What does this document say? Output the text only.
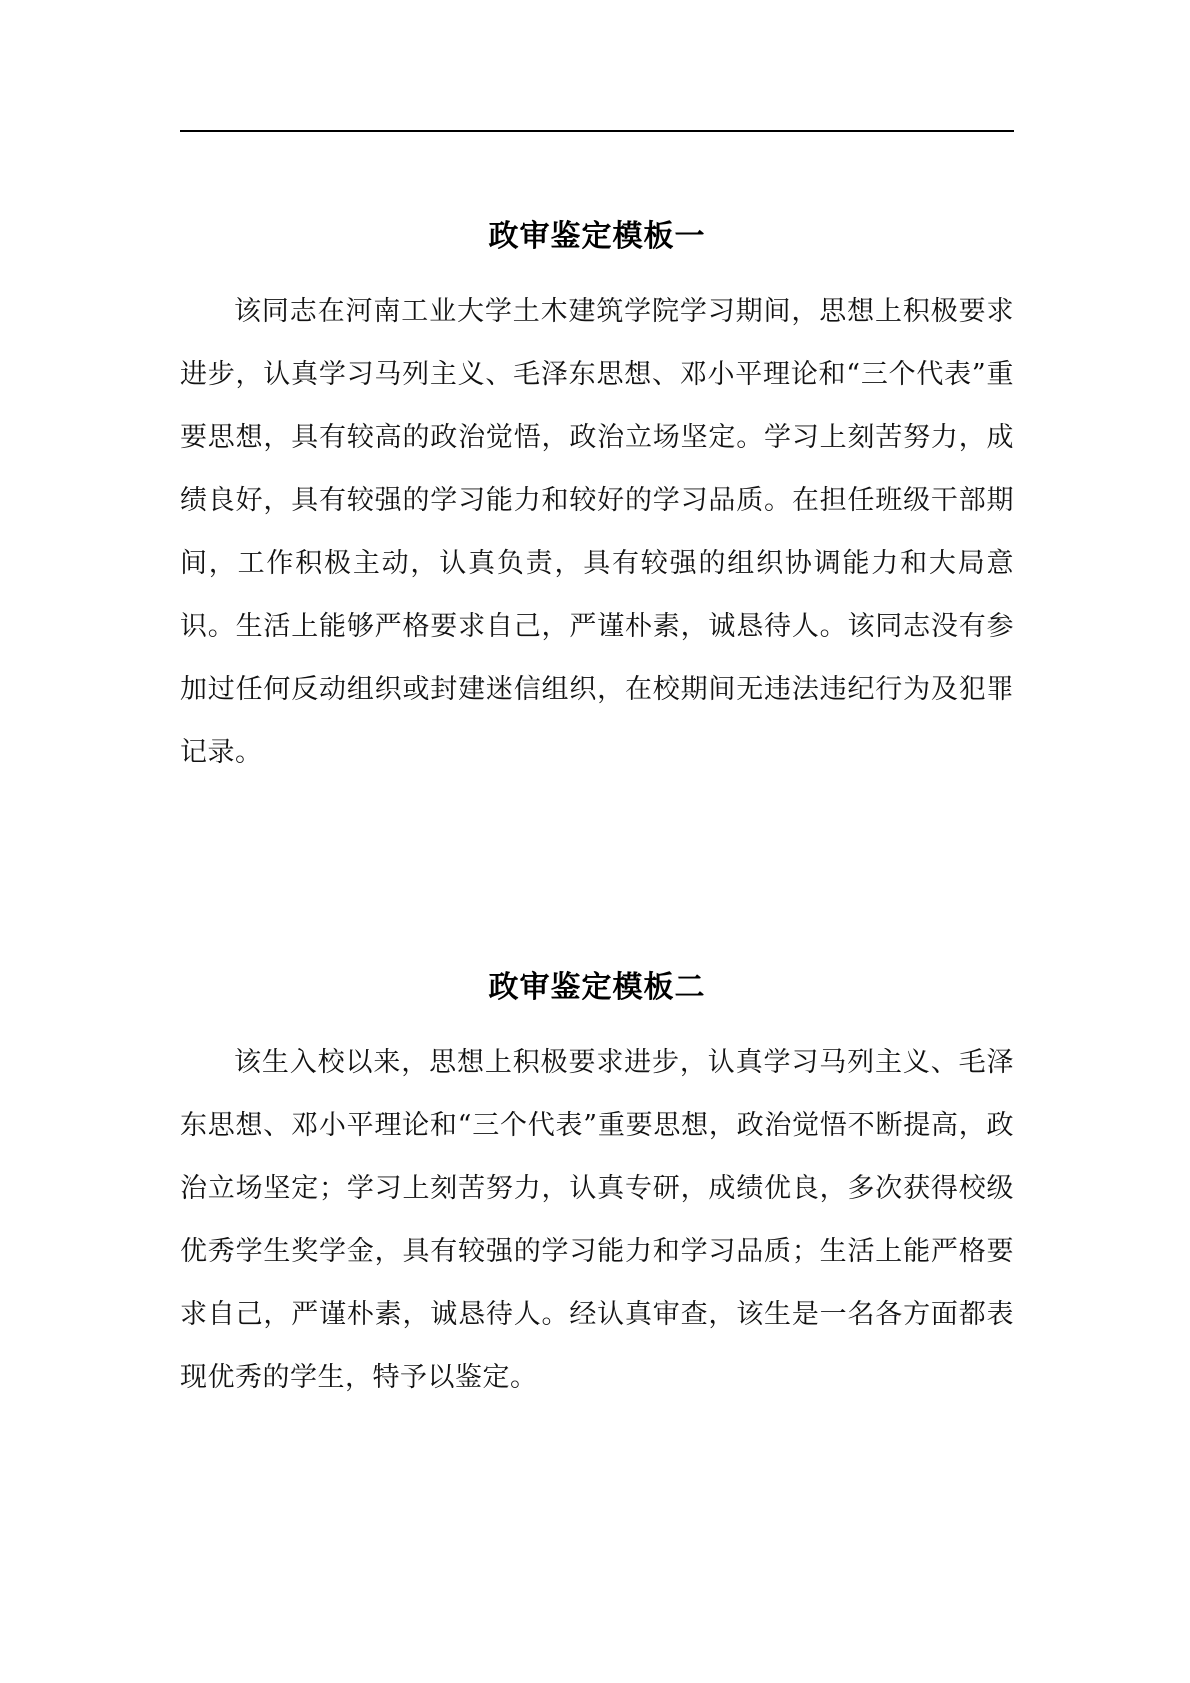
政审鉴定模板一

该同志在河南工业大学土木建筑学院学习期间，思想上积极要求进步，认真学习马列主义、毛泽东思想、邓小平理论和“三个代表”重要思想，具有较高的政治觉悟，政治立场坚定。学习上刻苦努力，成绩良好，具有较强的学习能力和较好的学习品质。在担任班级干部期间，工作积极主动，认真负责，具有较强的组织协调能力和大局意识。生活上能够严格要求自己，严谨朴素，诚恳待人。该同志没有参加过任何反动组织或封建迷信组织，在校期间无违法违纪行为及犯罪记录。

政审鉴定模板二

该生入校以来，思想上积极要求进步，认真学习马列主义、毛泽东思想、邓小平理论和“三个代表”重要思想，政治觉悟不断提高，政治立场坚定；学习上刻苦努力，认真专研，成绩优良，多次获得校级优秀学生奖学金，具有较强的学习能力和学习品质；生活上能严格要求自己，严谨朴素，诚恳待人。经认真审查，该生是一名各方面都表现优秀的学生，特予以鉴定。
